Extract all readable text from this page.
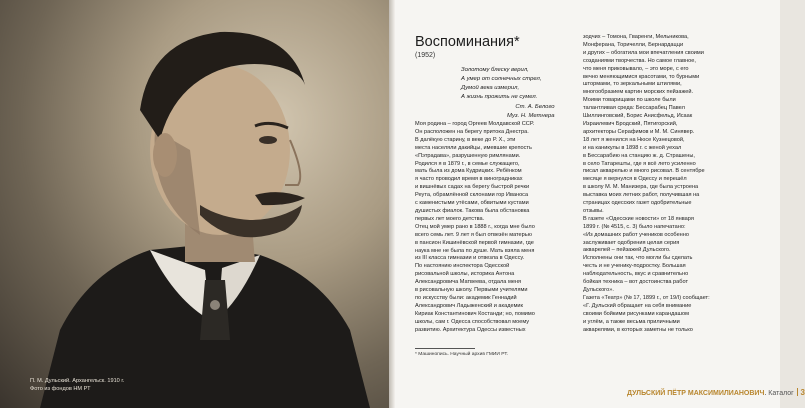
П. М. Дульский. Архангельск. 1910 г.
Фото из фондов НМ РТ
Воспоминания*
(1952)
Золотому блеску верил,
А умер от солнечных стрел,
Думой века измерил,
А жизнь прожить не сумел.
Ст. А. Белого
Муз. Н. Метнера
Моя родина – город Оргеев Молдавской ССР.
Он расположен на берегу притока Днестра.
В далёкую старину, в веке до Р. Х., эти
места населяли дакийцы, имевшие крепость
«Пэтрадава», разрушенную римлянами.
Родился я в 1879 г., в семье служащего,
мать была из дома Кудрицких. Ребёнком
я часто проводил время в виноградниках
и вишнёвых садах на берегу быстрой речки
Реута, обрамлённой склонами гор Иваноса
с каменистыми утёсами, обвитыми кустами
душистых фиалок. Такова была обстановка
первых лет моего детства.
Отец мой умер рано в 1888 г., когда мне было
всего семь лет. 9 лет я был отвезён матерью
в пансион Кишинёвской первой гимназии, где
наука мне не была по душе. Мать взяла меня
из III класса гимназии и отвезла в Одессу.
По настоянию инспектора Одесской
рисовальной школы, историка Антона
Александровича Матвеева, отдала меня
в рисовальную школу. Первыми учителями
по искусству были: академик Геннадий
Александрович Ладыженский и академик
Кириак Константинович Костанди; но, помимо
школы, сам г. Одесса способствовал моему
развитию. Архитектура Одессы известных
зодчих – Томона, Гваренги, Мельникова,
Монферана, Торичелли, Бернардацци
и других – обогатила мои впечатления своими
созданиями творчества. Но самое главное,
что меня приковывало, – это море, с его
вечно меняющимися красотами, то бурными
штормами, то зеркальными штилями,
многообразием картин морских пейзажей.
Моими товарищами по школе были
талантливая среда: Бессарабец Павел
Шиллинговский, Борис Анисфельд, Исаак
Израилевич Бродский, Пятигорский,
архитекторы Серафимов и М. М. Синявер.
18 лет я женился на Нюсе Кузнецовой,
и на каникулы в 1898 г. с женой уехал
в Бессарабию на станцию ж. д. Страшены,
в село Татарешты, где я всё лето усиленно
писал акварелью и много рисовал. В сентябре
месяце я вернулся в Одессу и перешёл
в школу М. М. Манизера, где была устроена
выставка моих летних работ, получившая на
страницах одесских газет одобрительные
отзывы.
В газете «Одесские новости» от 18 января
1899 г. (№ 4515, с. 3) было напечатано:
«Из домашних работ учеников особенно
заслуживает одобрения целая серия
акварелей – пейзажей Дульского.
Исполнены они так, что могли бы сделать
честь и не ученику-подростку. Большая
наблюдательность, вкус и сравнительно
бойкая техника – вот достоинства работ
Дульского».
Газета «Театр» (№ 17, 1899 г., от 19/I) сообщает:
«Г. Дульский обращает на себя внимание
своими бойкими рисунками карандашом
и углём, а также весьма приличными
акварелями, в которых заметны не только
* Машинопись. Научный архив ГМИИ РТ.
ДУЛЬСКИЙ ПЁТР МАКСИМИЛИАНОВИЧ. Каталог 3
